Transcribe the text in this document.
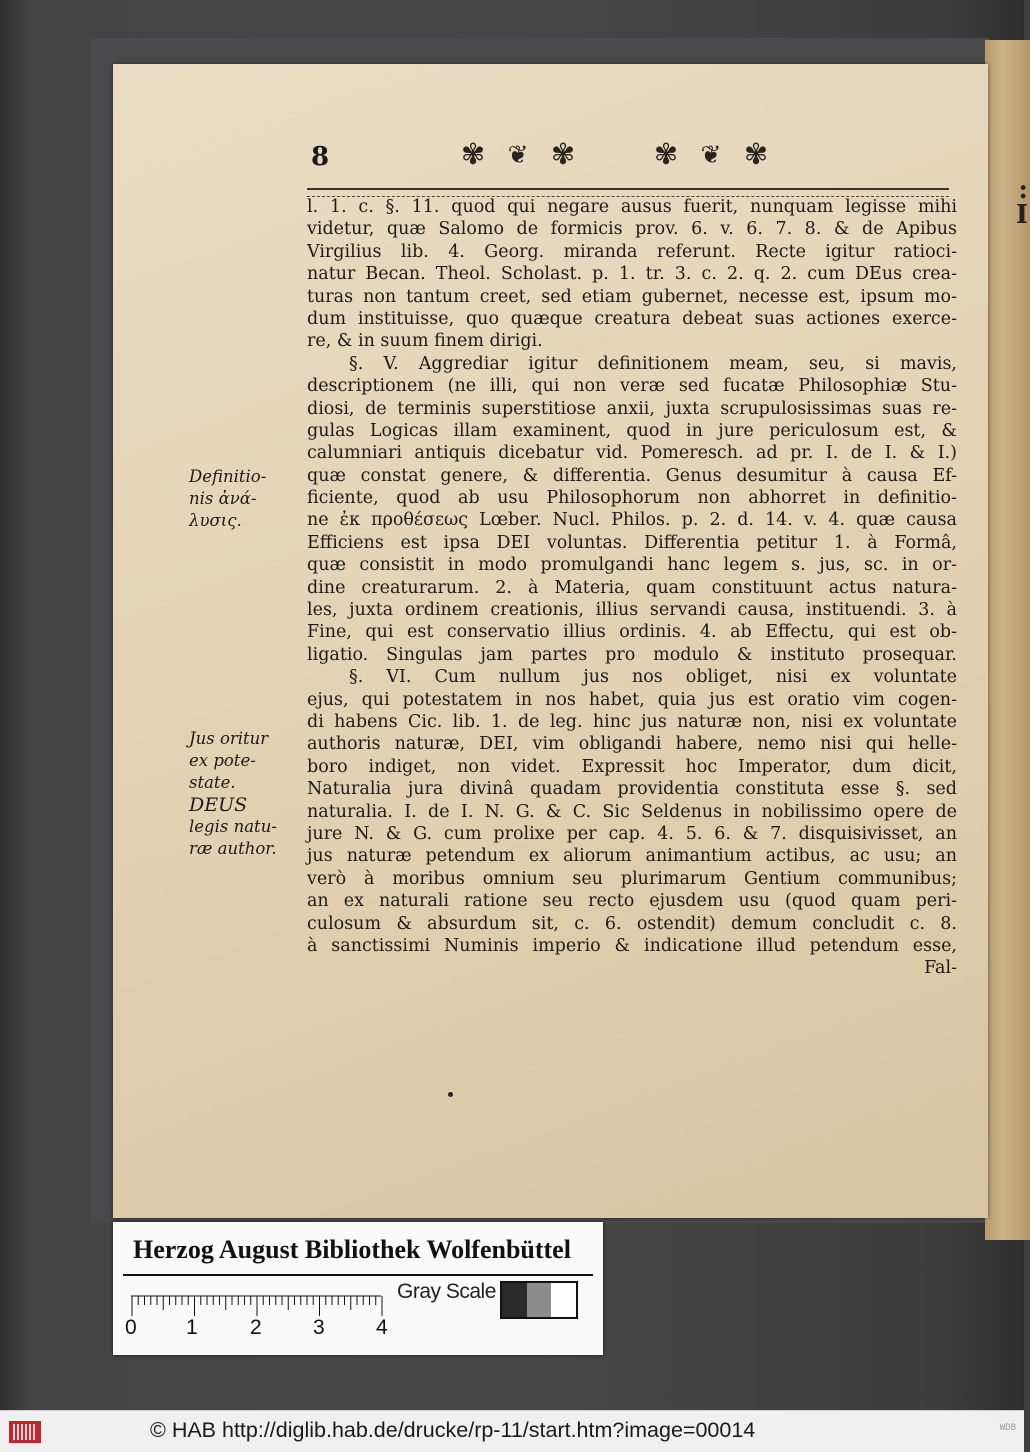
:
I
8	✾ ❦ ✾	✾ ❦ ✾
l. 1. c. §. 11. quod qui negare ausus fuerit, nunquam legisse mihi
videtur, quæ Salomo de formicis prov. 6. v. 6. 7. 8. & de Apibus
Virgilius lib. 4. Georg. miranda referunt. Recte igitur ratioci-
natur Becan. Theol. Scholast. p. 1. tr. 3. c. 2. q. 2. cum DEus crea-
turas non tantum creet, sed etiam gubernet, necesse est, ipsum mo-
dum instituisse, quo quæque creatura debeat suas actiones exerce-
re, & in suum finem dirigi.
§. V. Aggrediar igitur definitionem meam, seu, si mavis,
descriptionem (ne illi, qui non veræ sed fucatæ Philosophiæ Stu-
diosi, de terminis superstitiose anxii, juxta scrupulosissimas suas re-
gulas Logicas illam examinent, quod in jure periculosum est, &
calumniari antiquis dicebatur vid. Pomeresch. ad pr. I. de I. & I.)
quæ constat genere, & differentia. Genus desumitur à causa Ef-
ficiente, quod ab usu Philosophorum non abhorret in definitio-
ne ἐκ προθέσεως Lœber. Nucl. Philos. p. 2. d. 14. v. 4. quæ causa
Efficiens est ipsa DEI voluntas. Differentia petitur 1. à Formâ,
quæ consistit in modo promulgandi hanc legem s. jus, sc. in or-
dine creaturarum. 2. à Materia, quam constituunt actus natura-
les, juxta ordinem creationis, illius servandi causa, instituendi. 3. à
Fine, qui est conservatio illius ordinis. 4. ab Effectu, qui est ob-
ligatio. Singulas jam partes pro modulo & instituto prosequar.
§. VI. Cum nullum jus nos obliget, nisi ex voluntate
ejus, qui potestatem in nos habet, quia jus est oratio vim cogen-
di habens Cic. lib. 1. de leg. hinc jus naturæ non, nisi ex voluntate
authoris naturæ, DEI, vim obligandi habere, nemo nisi qui helle-
boro indiget, non videt. Expressit hoc Imperator, dum dicit,
Naturalia jura divinâ quadam providentia constituta esse §. sed
naturalia. I. de I. N. G. & C. Sic Seldenus in nobilissimo opere de
jure N. & G. cum prolixe per cap. 4. 5. 6. & 7. disquisivisset, an
jus naturæ petendum ex aliorum animantium actibus, ac usu; an
verò à moribus omnium seu plurimarum Gentium communibus;
an ex naturali ratione seu recto ejusdem usu (quod quam peri-
culosum & absurdum sit, c. 6. ostendit) demum concludit c. 8.
à sanctissimi Numinis imperio & indicatione illud petendum esse,
Fal-
Definitio-
nis ἀνά-
λυσις.
Jus oritur
ex pote-
state.
DEUS
legis natu-
ræ author.
Herzog August Bibliothek Wolfenbüttel
0 1 2 3 4
Gray Scale
© HAB http://diglib.hab.de/drucke/rp-11/start.htm?image=00014	WDB
